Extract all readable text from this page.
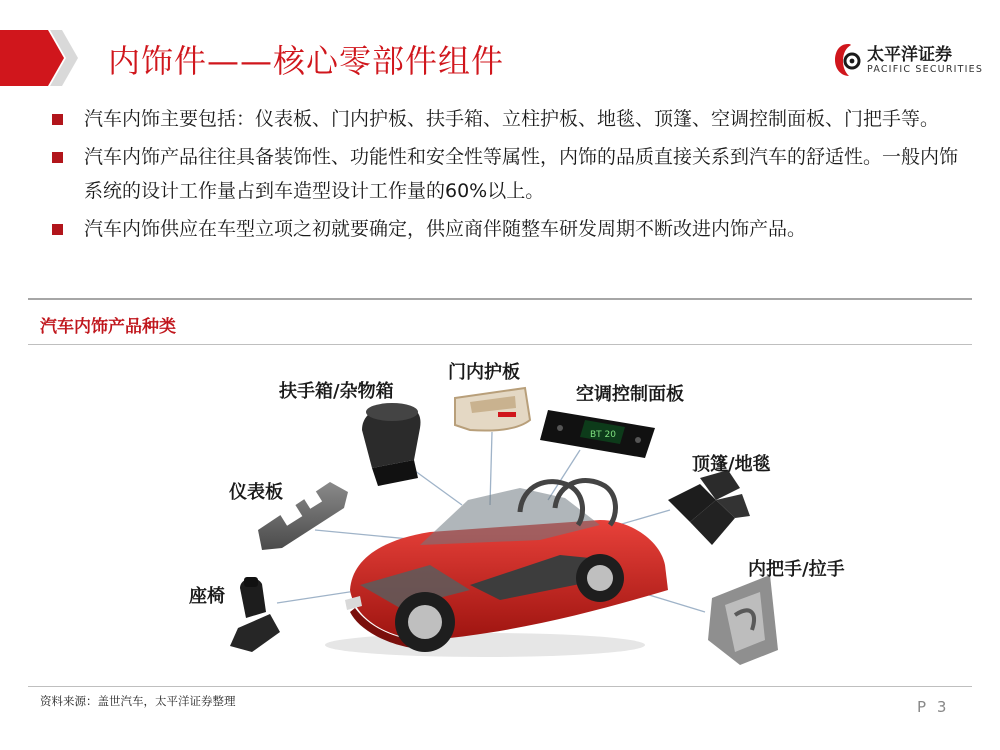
内饰件——核心零部件组件	太平洋证券
PACIFIC SECURITIES
汽车内饰主要包括：仪表板、门内护板、扶手箱、立柱护板、地毯、顶篷、空调控制面板、门把手等。
汽车内饰产品往往具备装饰性、功能性和安全性等属性，内饰的品质直接关系到汽车的舒适性。一般内饰系统的设计工作量占到车造型设计工作量的60%以上。
汽车内饰供应在车型立项之初就要确定，供应商伴随整车研发周期不断改进内饰产品。
汽车内饰产品种类
BT 20
扶手箱/杂物箱
门内护板
空调控制面板
顶篷/地毯
仪表板
内把手/拉手
座椅
资料来源：盖世汽车，太平洋证券整理	P 3
